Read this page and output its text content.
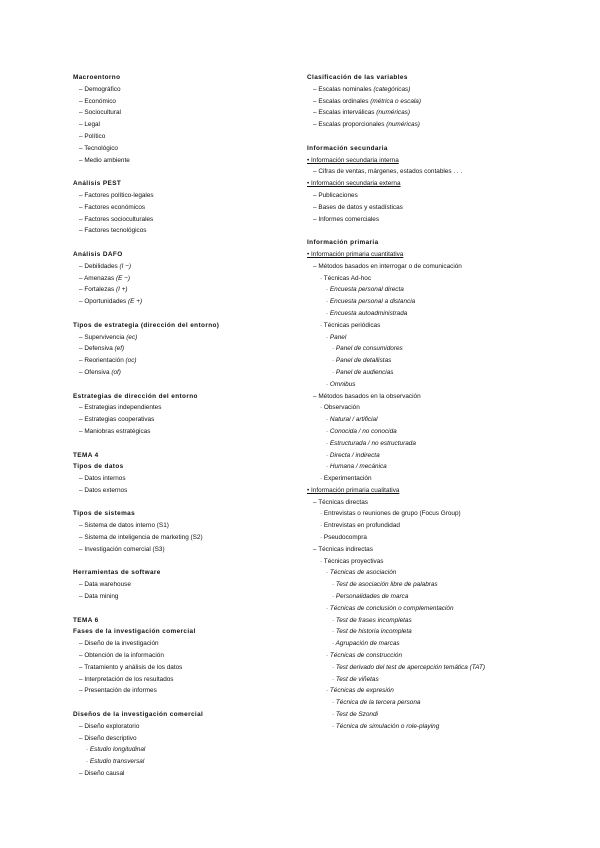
Macroentorno
– Demográfico
– Económico
– Sociocultural
– Legal
– Político
– Tecnológico
– Medio ambiente
Análisis PEST
– Factores político-legales
– Factores económicos
– Factores socioculturales
– Factores tecnológicos
Análisis DAFO
– Debilidades (I −)
– Amenazas (E −)
– Fortalezas (I +)
– Oportunidades (E +)
Tipos de estrategia (dirección del entorno)
– Supervivencia (ec)
– Defensiva (ef)
– Reorientación (oc)
– Ofensiva (of)
Estrategias de dirección del entorno
– Estrategias independientes
– Estrategias cooperativas
– Maniobras estratégicas
TEMA 4
Tipos de datos
– Datos internos
– Datos externos
Tipos de sistemas
– Sistema de datos interno (S1)
– Sistema de inteligencia de marketing (S2)
– Investigación comercial (S3)
Herramientas de software
– Data warehouse
– Data mining
TEMA 6
Fases de la investigación comercial
– Diseño de la investigación
– Obtención de la información
– Tratamiento y análisis de los datos
– Interpretación de los resultados
– Presentación de informes
Diseños de la investigación comercial
– Diseño exploratorio
– Diseño descriptivo
· Estudio longitudinal
· Estudio transversal
– Diseño causal
Clasificación de las variables
– Escalas nominales (categóricas)
– Escalas ordinales (métrica o escala)
– Escalas interválicas (numéricas)
– Escalas proporcionales (numéricas)
Información secundaria
• Información secundaria interna
– Cifras de ventas, márgenes, estados contables . . .
• Información secundaria externa
– Publicaciones
– Bases de datos y estadísticas
– Informes comerciales
Información primaria
• Información primaria cuantitativa
– Métodos basados en interrogar o de comunicación
· Técnicas Ad-hoc
· Encuesta personal directa
· Encuesta personal a distancia
· Encuesta autoadministrada
· Técnicas periódicas
· Panel
· Panel de consumidores
· Panel de detallistas
· Panel de audiencias
· Omnibus
– Métodos basados en la observación
· Observación
· Natural / artificial
· Conocida / no conocida
· Estructurada / no estructurada
· Directa / indirecta
· Humana / mecánica
· Experimentación
• Información primaria cualitativa
– Técnicas directas
· Entrevistas o reuniones de grupo (Focus Group)
· Entrevistas en profundidad
· Pseudocompra
– Técnicas indirectas
· Técnicas proyectivas
· Técnicas de asociación
· Test de asociación libre de palabras
· Personalidades de marca
· Técnicas de conclusión o complementación
· Test de frases incompletas
· Test de historia incompleta
· Agrupación de marcas
· Técnicas de construcción
· Test derivado del test de apercepción temática (TAT)
· Test de viñetas
· Técnicas de expresión
· Técnica de la tercera persona
· Test de Szondi
· Técnica de simulación o role-playing
